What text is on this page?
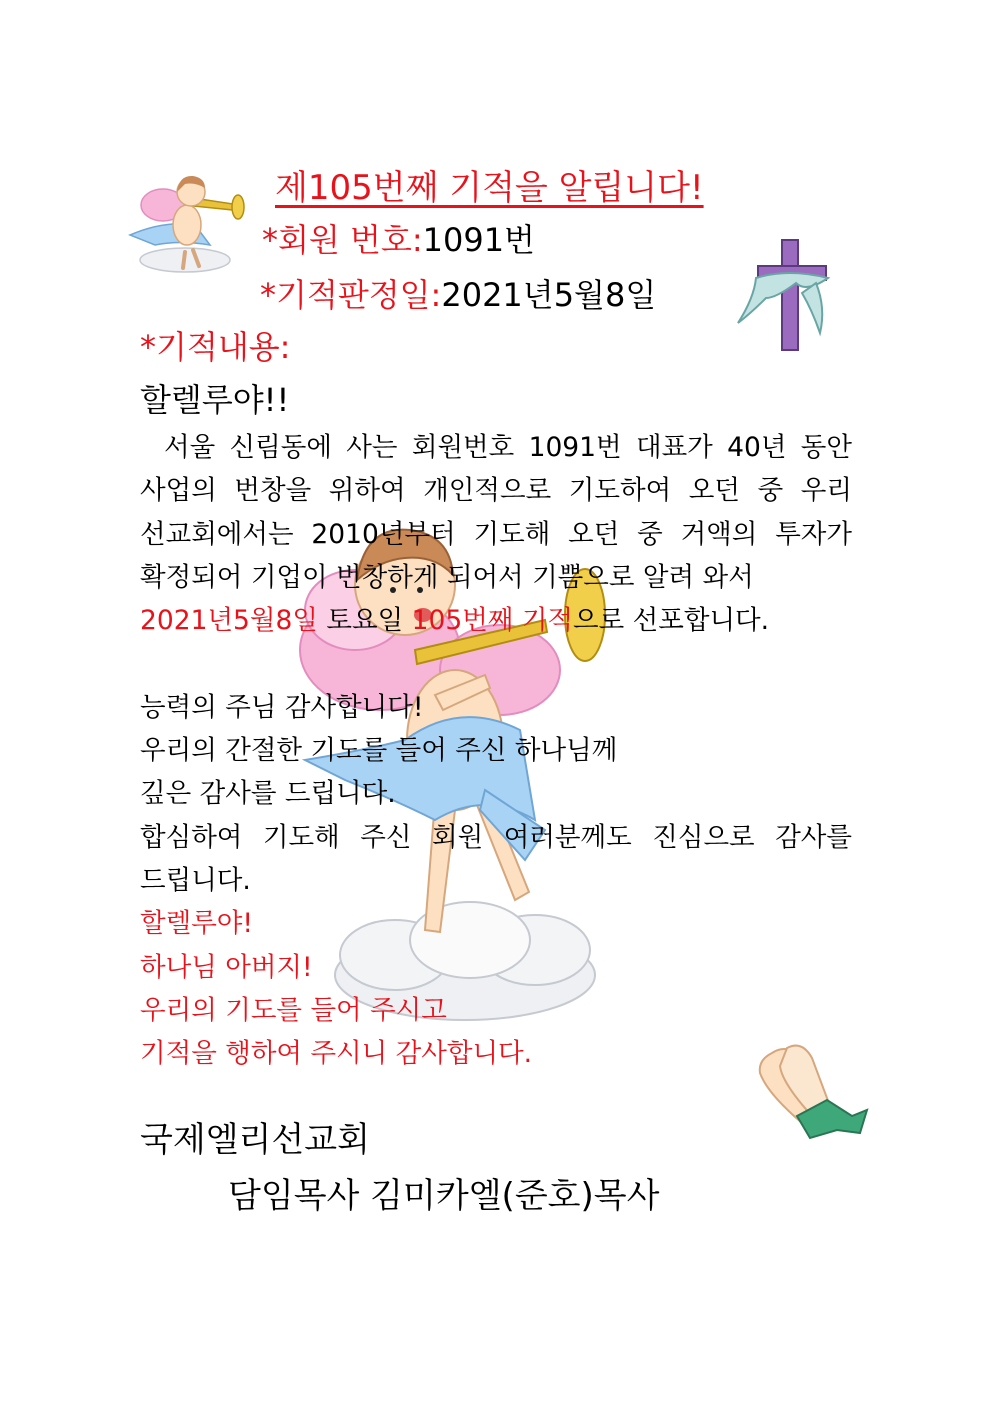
제105번째 기적을 알립니다!
*회원 번호:1091번
*기적판정일:2021년5월8일
*기적내용:
할렐루야!!
서울 신림동에 사는 회원번호 1091번 대표가 40년 동안
사업의 번창을 위하여 개인적으로 기도하여 오던 중 우리
선교회에서는 2010년부터 기도해 오던 중 거액의 투자가
확정되어 기업이 번창하게 되어서 기쁨으로 알려 와서
2021년5월8일 토요일 105번째 기적으로 선포합니다.
능력의 주님 감사합니다!
우리의 간절한 기도를 들어 주신 하나님께
깊은 감사를 드립니다.
합심하여 기도해 주신 회원 여러분께도 진심으로 감사를
드립니다.
할렐루야!
하나님 아버지!
우리의 기도를 들어 주시고
기적을 행하여 주시니 감사합니다.
국제엘리선교회
담임목사 김미카엘(준호)목사
